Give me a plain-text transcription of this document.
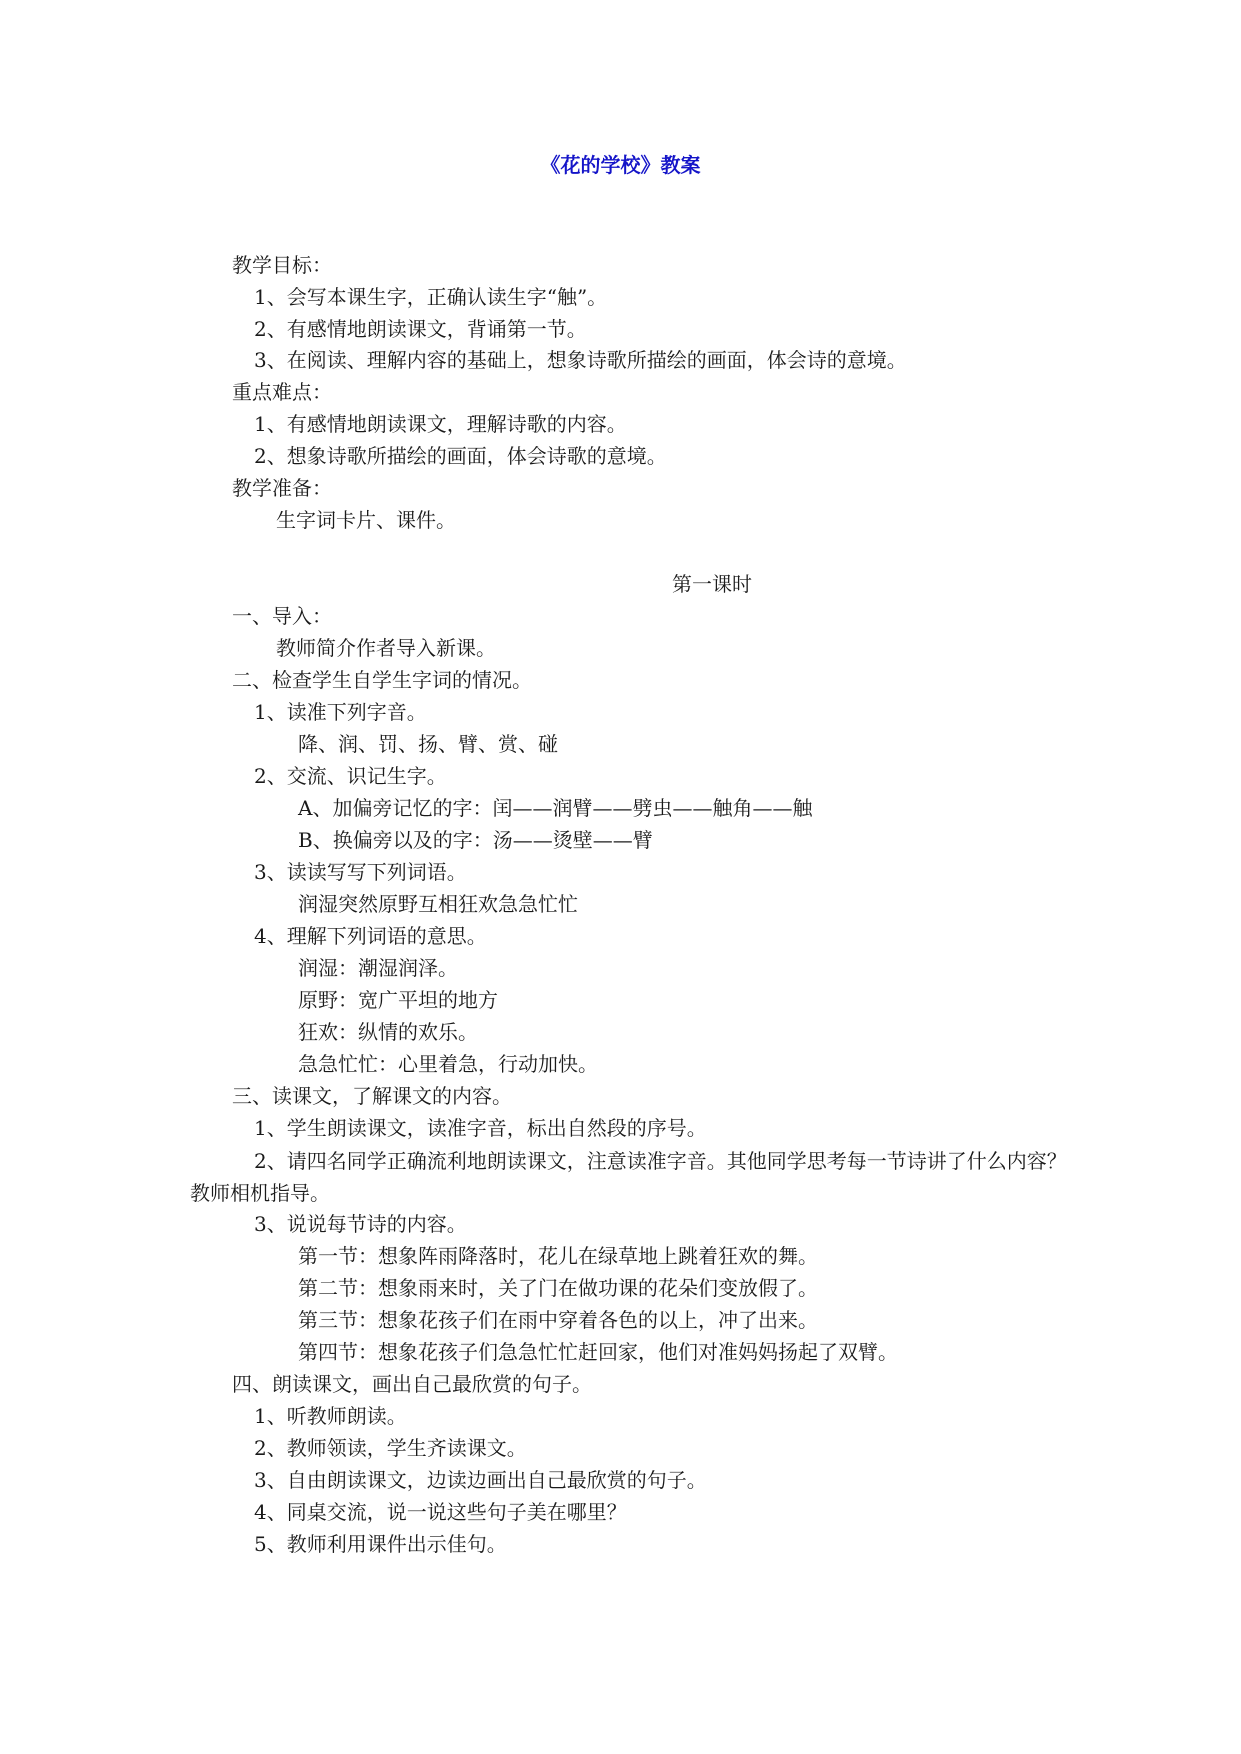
《花的学校》教案
教学目标：
1、会写本课生字，正确认读生字“触”。
2、有感情地朗读课文，背诵第一节。
3、在阅读、理解内容的基础上，想象诗歌所描绘的画面，体会诗的意境。
重点难点：
1、有感情地朗读课文，理解诗歌的内容。
2、想象诗歌所描绘的画面，体会诗歌的意境。
教学准备：
生字词卡片、课件。
第一课时
一、导入：
教师简介作者导入新课。
二、检查学生自学生字词的情况。
1、读准下列字音。
降、润、罚、扬、臂、赏、碰
2、交流、识记生字。
A、加偏旁记忆的字：闰——润臂——劈虫——触角——触
B、换偏旁以及的字：汤——烫壁——臂
3、读读写写下列词语。
润湿突然原野互相狂欢急急忙忙
4、理解下列词语的意思。
润湿：潮湿润泽。
原野：宽广平坦的地方
狂欢：纵情的欢乐。
急急忙忙：心里着急，行动加快。
三、读课文，了解课文的内容。
1、学生朗读课文，读准字音，标出自然段的序号。
2、请四名同学正确流利地朗读课文，注意读准字音。其他同学思考每一节诗讲了什么内容？教师相机指导。
3、说说每节诗的内容。
第一节：想象阵雨降落时，花儿在绿草地上跳着狂欢的舞。
第二节：想象雨来时，关了门在做功课的花朵们变放假了。
第三节：想象花孩子们在雨中穿着各色的以上，冲了出来。
第四节：想象花孩子们急急忙忙赶回家，他们对准妈妈扬起了双臂。
四、朗读课文，画出自己最欣赏的句子。
1、听教师朗读。
2、教师领读，学生齐读课文。
3、自由朗读课文，边读边画出自己最欣赏的句子。
4、同桌交流，说一说这些句子美在哪里？
5、教师利用课件出示佳句。
